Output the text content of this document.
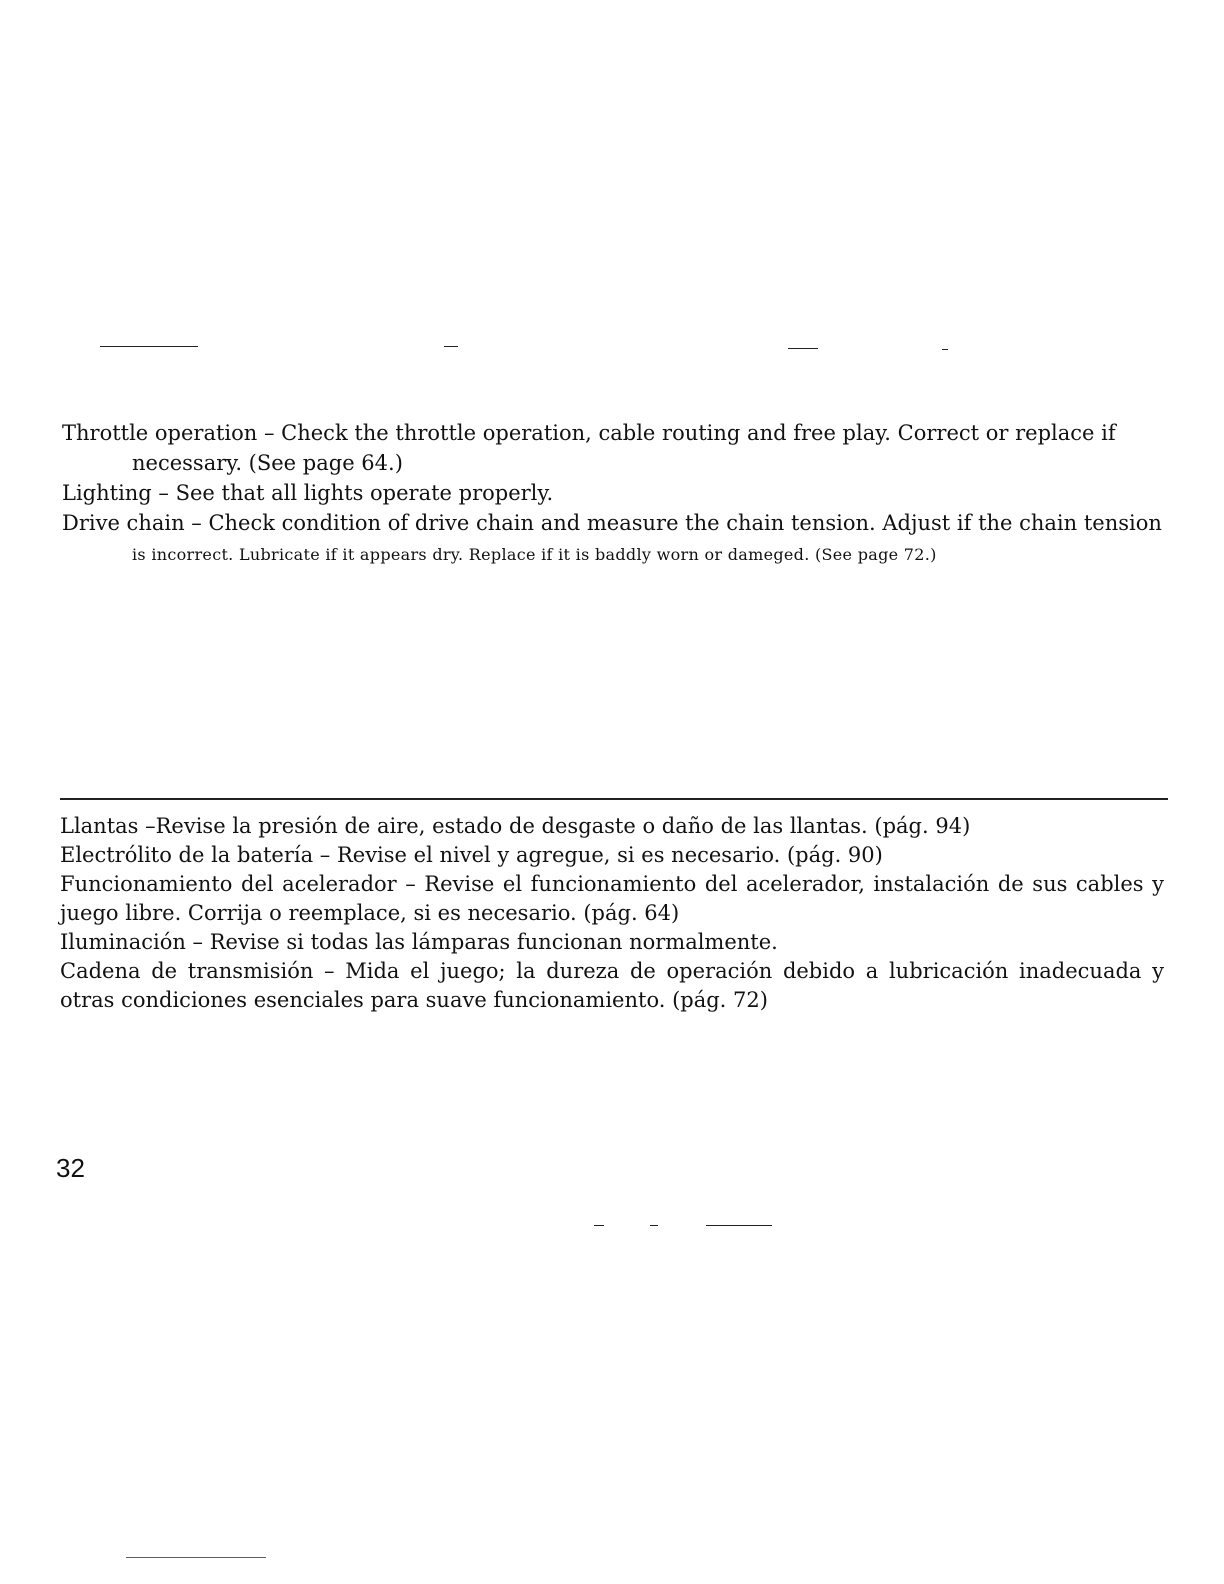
Throttle operation – Check the throttle operation, cable routing and free play. Correct or replace if
necessary. (See page 64.)

Lighting – See that all lights operate properly.

Drive chain – Check condition of drive chain and measure the chain tension. Adjust if the chain tension
is incorrect. Lubricate if it appears dry. Replace if it is baddly worn or dameged. (See page 72.)

Llantas –Revise la presión de aire, estado de desgaste o daño de las llantas. (pág. 94)

Electrólito de la batería – Revise el nivel y agregue, si es necesario. (pág. 90)

Funcionamiento del acelerador – Revise el funcionamiento del acelerador, instalación de sus cables y juego libre. Corrija o reemplace, si es necesario. (pág. 64)

Iluminación – Revise si todas las lámparas funcionan normalmente.

Cadena de transmisión – Mida el juego; la dureza de operación debido a lubricación inadecuada y otras condiciones esenciales para suave funcionamiento. (pág. 72)

32
